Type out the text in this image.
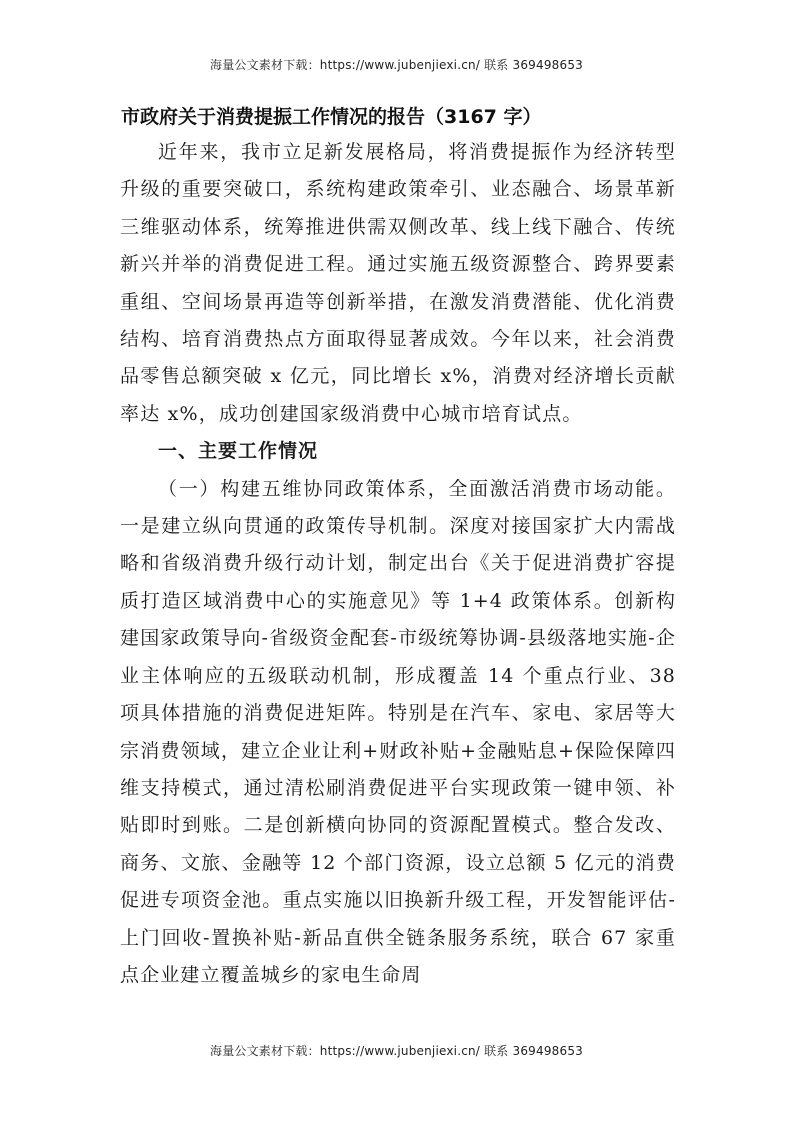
海量公文素材下载：https://www.jubenjiexi.cn/ 联系 369498653
市政府关于消费提振工作情况的报告（3167 字）

近年来，我市立足新发展格局，将消费提振作为经济转型升级的重要突破口，系统构建政策牵引、业态融合、场景革新三维驱动体系，统筹推进供需双侧改革、线上线下融合、传统新兴并举的消费促进工程。通过实施五级资源整合、跨界要素重组、空间场景再造等创新举措，在激发消费潜能、优化消费结构、培育消费热点方面取得显著成效。今年以来，社会消费品零售总额突破 x 亿元，同比增长 x%，消费对经济增长贡献率达 x%，成功创建国家级消费中心城市培育试点。

一、主要工作情况

（一）构建五维协同政策体系，全面激活消费市场动能。一是建立纵向贯通的政策传导机制。深度对接国家扩大内需战略和省级消费升级行动计划，制定出台《关于促进消费扩容提质打造区域消费中心的实施意见》等 1+4 政策体系。创新构建国家政策导向-省级资金配套-市级统筹协调-县级落地实施-企业主体响应的五级联动机制，形成覆盖 14 个重点行业、38 项具体措施的消费促进矩阵。特别是在汽车、家电、家居等大宗消费领域，建立企业让利+财政补贴+金融贴息+保险保障四维支持模式，通过清松刷消费促进平台实现政策一键申领、补贴即时到账。二是创新横向协同的资源配置模式。整合发改、商务、文旅、金融等 12 个部门资源，设立总额 5 亿元的消费促进专项资金池。重点实施以旧换新升级工程，开发智能评估-上门回收-置换补贴-新品直供全链条服务系统，联合 67 家重点企业建立覆盖城乡的家电生命周

海量公文素材下载：https://www.jubenjiexi.cn/ 联系 369498653
